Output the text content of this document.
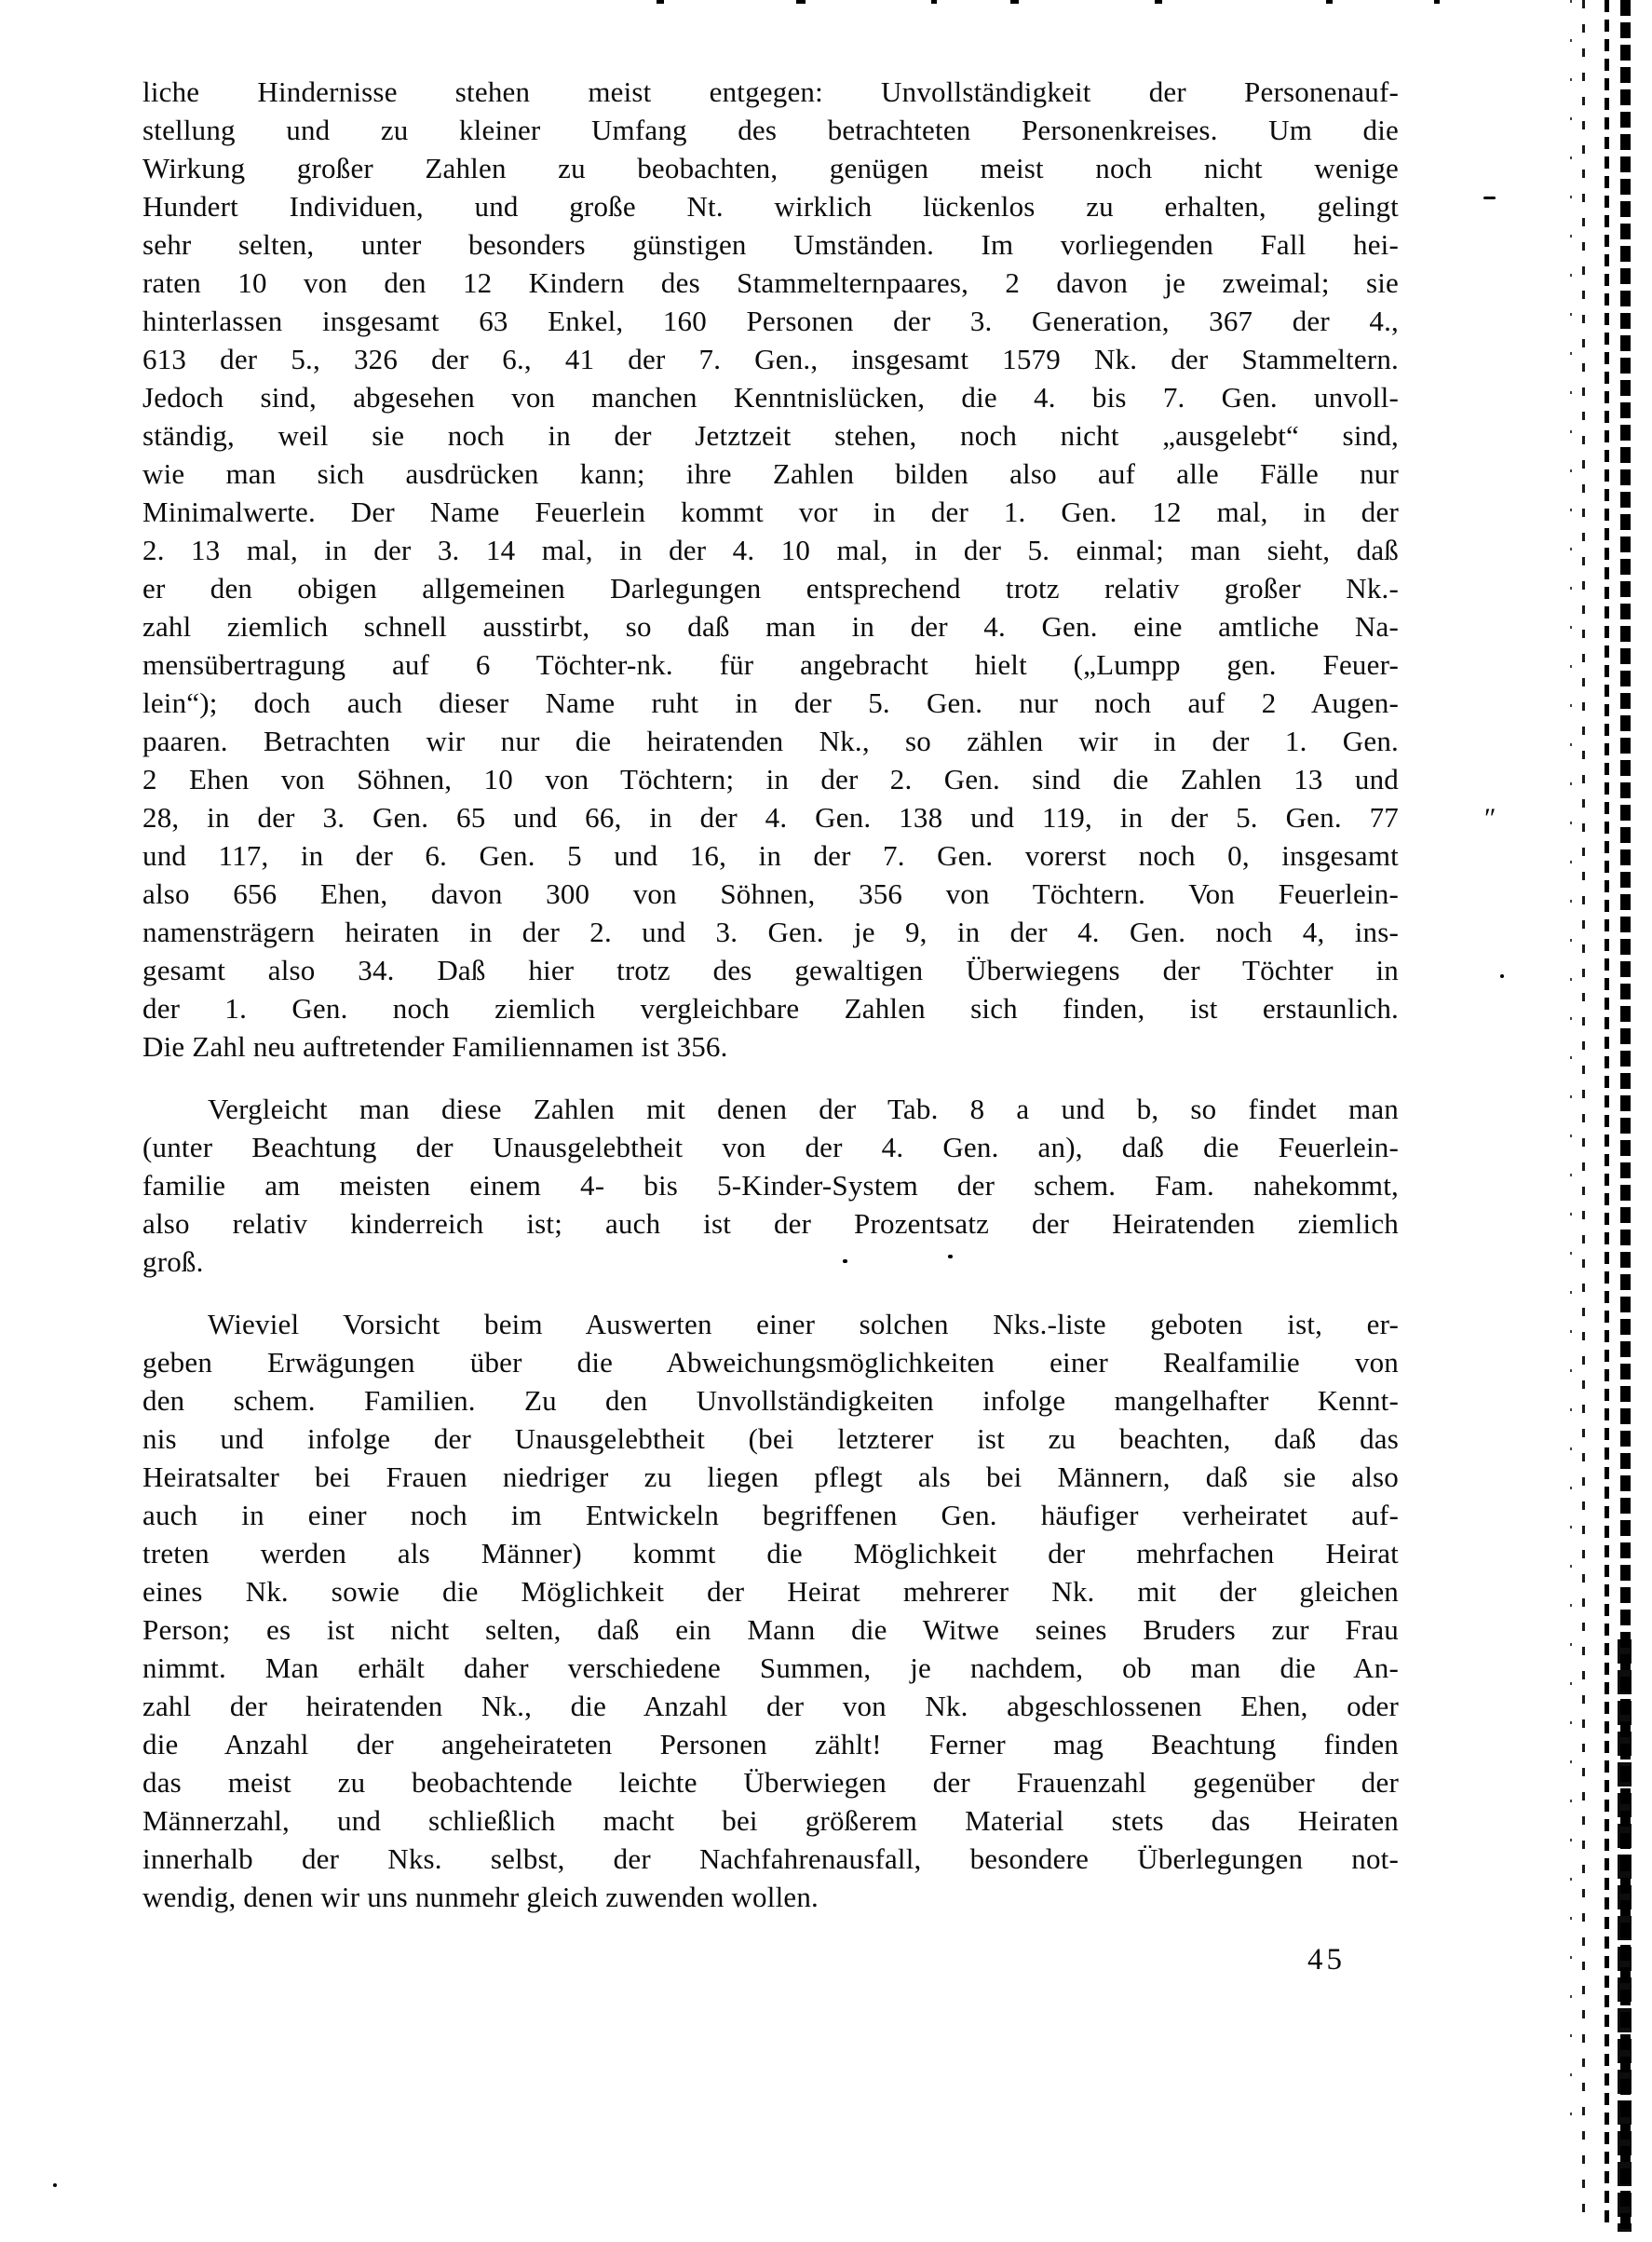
liche Hindernisse stehen meist entgegen: Unvollständigkeit der Personenauf-
stellung und zu kleiner Umfang des betrachteten Personenkreises. Um die
Wirkung großer Zahlen zu beobachten, genügen meist noch nicht wenige
Hundert Individuen, und große Nt. wirklich lückenlos zu erhalten, gelingt
sehr selten, unter besonders günstigen Umständen. Im vorliegenden Fall hei-
raten 10 von den 12 Kindern des Stammelternpaares, 2 davon je zweimal; sie
hinterlassen insgesamt 63 Enkel, 160 Personen der 3. Generation, 367 der 4.,
613 der 5., 326 der 6., 41 der 7. Gen., insgesamt 1579 Nk. der Stammeltern.
Jedoch sind, abgesehen von manchen Kenntnislücken, die 4. bis 7. Gen. unvoll-
ständig, weil sie noch in der Jetztzeit stehen, noch nicht „ausgelebt“ sind,
wie man sich ausdrücken kann; ihre Zahlen bilden also auf alle Fälle nur
Minimalwerte. Der Name Feuerlein kommt vor in der 1. Gen. 12 mal, in der
2. 13 mal, in der 3. 14 mal, in der 4. 10 mal, in der 5. einmal; man sieht, daß
er den obigen allgemeinen Darlegungen entsprechend trotz relativ großer Nk.-
zahl ziemlich schnell ausstirbt, so daß man in der 4. Gen. eine amtliche Na-
mensübertragung auf 6 Töchter-nk. für angebracht hielt („Lumpp gen. Feuer-
lein“); doch auch dieser Name ruht in der 5. Gen. nur noch auf 2 Augen-
paaren. Betrachten wir nur die heiratenden Nk., so zählen wir in der 1. Gen.
2 Ehen von Söhnen, 10 von Töchtern; in der 2. Gen. sind die Zahlen 13 und
28, in der 3. Gen. 65 und 66, in der 4. Gen. 138 und 119, in der 5. Gen. 77
und 117, in der 6. Gen. 5 und 16, in der 7. Gen. vorerst noch 0, insgesamt
also 656 Ehen, davon 300 von Söhnen, 356 von Töchtern. Von Feuerlein-
namensträgern heiraten in der 2. und 3. Gen. je 9, in der 4. Gen. noch 4, ins-
gesamt also 34. Daß hier trotz des gewaltigen Überwiegens der Töchter in
der 1. Gen. noch ziemlich vergleichbare Zahlen sich finden, ist erstaunlich.
Die Zahl neu auftretender Familiennamen ist 356.
Vergleicht man diese Zahlen mit denen der Tab. 8 a und b, so findet man
(unter Beachtung der Unausgelebtheit von der 4. Gen. an), daß die Feuerlein-
familie am meisten einem 4- bis 5-Kinder-System der schem. Fam. nahekommt,
also relativ kinderreich ist; auch ist der Prozentsatz der Heiratenden ziemlich
groß.
Wieviel Vorsicht beim Auswerten einer solchen Nks.-liste geboten ist, er-
geben Erwägungen über die Abweichungsmöglichkeiten einer Realfamilie von
den schem. Familien. Zu den Unvollständigkeiten infolge mangelhafter Kennt-
nis und infolge der Unausgelebtheit (bei letzterer ist zu beachten, daß das
Heiratsalter bei Frauen niedriger zu liegen pflegt als bei Männern, daß sie also
auch in einer noch im Entwickeln begriffenen Gen. häufiger verheiratet auf-
treten werden als Männer) kommt die Möglichkeit der mehrfachen Heirat
eines Nk. sowie die Möglichkeit der Heirat mehrerer Nk. mit der gleichen
Person; es ist nicht selten, daß ein Mann die Witwe seines Bruders zur Frau
nimmt. Man erhält daher verschiedene Summen, je nachdem, ob man die An-
zahl der heiratenden Nk., die Anzahl der von Nk. abgeschlossenen Ehen, oder
die Anzahl der angeheirateten Personen zählt! Ferner mag Beachtung finden
das meist zu beobachtende leichte Überwiegen der Frauenzahl gegenüber der
Männerzahl, und schließlich macht bei größerem Material stets das Heiraten
innerhalb der Nks. selbst, der Nachfahrenausfall, besondere Überlegungen not-
wendig, denen wir uns nunmehr gleich zuwenden wollen.
45
″
